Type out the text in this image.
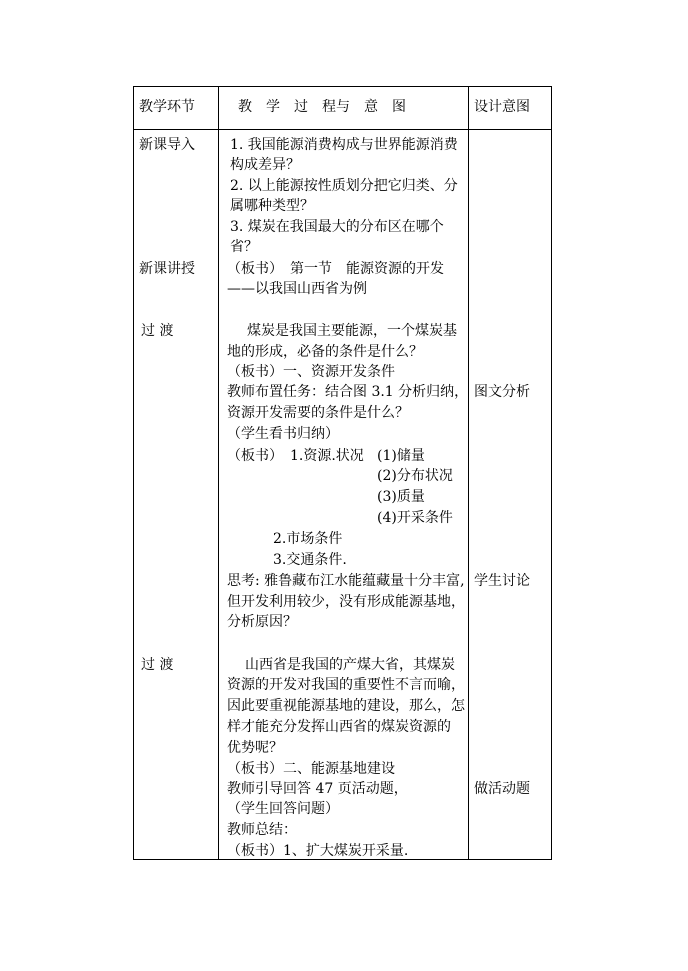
教学环节	教　学　过　程与　意　图	设计意图
新课导入
新课讲授
过 渡
过 渡
1. 我国能源消费构成与世界能源消费
构成差异？
2. 以上能源按性质划分把它归类、分
属哪种类型？
3. 煤炭在我国最大的分布区在哪个
省？
（板书）　第一节　能源资源的开发
——以我国山西省为例
煤炭是我国主要能源，一个煤炭基
地的形成，必备的条件是什么？
（板书）一、资源开发条件
教师布置任务：结合图 3.1 分析归纳，
资源开发需要的条件是什么？
（学生看书归纳）
（板书）　1.资源.状况 (1)储量
(2)分布状况
(3)质量
(4)开采条件
2.市场条件
3.交通条件.
思考: 雅鲁藏布江水能蕴藏量十分丰富,
但开发利用较少，没有形成能源基地，
分析原因？
山西省是我国的产煤大省，其煤炭
资源的开发对我国的重要性不言而喻，
因此要重视能源基地的建设，那么，怎
样才能充分发挥山西省的煤炭资源的
优势呢？
（板书）二、能源基地建设
教师引导回答 47 页活动题，
（学生回答问题）
教师总结：
（板书）1、扩大煤炭开采量.
图文分析
学生讨论
做活动题
